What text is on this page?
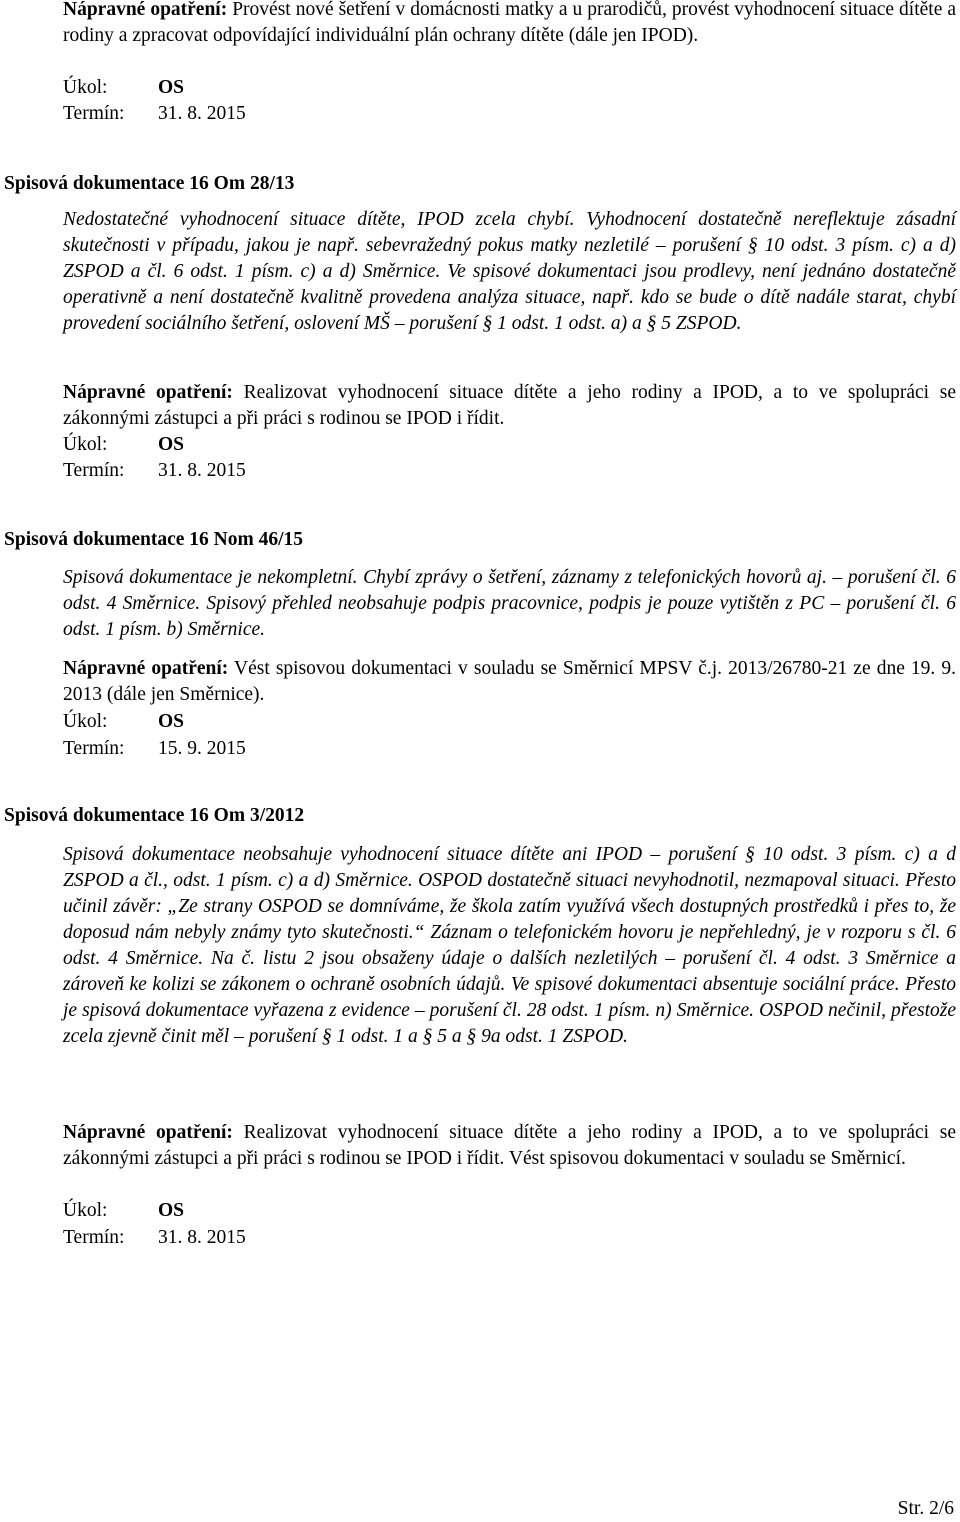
Nápravné opatření: Provést nové šetření v domácnosti matky a u prarodičů, provést vyhodnocení situace dítěte a rodiny a zpracovat odpovídající individuální plán ochrany dítěte (dále jen IPOD).

Úkol:	OS
Termín: 31. 8. 2015
Spisová dokumentace 16 Om 28/13

Nedostatečné vyhodnocení situace dítěte, IPOD zcela chybí. Vyhodnocení dostatečně nereflektuje zásadní skutečnosti v případu, jakou je např. sebevražedný pokus matky nezletilé – porušení § 10 odst. 3 písm. c) a d) ZSPOD a čl. 6 odst. 1 písm. c) a d) Směrnice. Ve spisové dokumentaci jsou prodlevy, není jednáno dostatečně operativně a není dostatečně kvalitně provedena analýza situace, např. kdo se bude o dítě nadále starat, chybí provedení sociálního šetření, oslovení MŠ – porušení § 1 odst. 1 odst. a) a § 5 ZSPOD.

Nápravné opatření: Realizovat vyhodnocení situace dítěte a jeho rodiny a IPOD, a to ve spolupráci se zákonnými zástupci a při práci s rodinou se IPOD i řídit.

Úkol:	OS
Termín: 31. 8. 2015
Spisová dokumentace 16 Nom 46/15

Spisová dokumentace je nekompletní. Chybí zprávy o šetření, záznamy z telefonických hovorů aj. – porušení čl. 6 odst. 4 Směrnice. Spisový přehled neobsahuje podpis pracovnice, podpis je pouze vytištěn z PC – porušení čl. 6 odst. 1 písm. b) Směrnice.

Nápravné opatření: Vést spisovou dokumentaci v souladu se Směrnicí MPSV č.j. 2013/26780-21 ze dne 19. 9. 2013 (dále jen Směrnice).

Úkol:	OS
Termín: 15. 9. 2015
Spisová dokumentace 16 Om 3/2012

Spisová dokumentace neobsahuje vyhodnocení situace dítěte ani IPOD – porušení § 10 odst. 3 písm. c) a d ZSPOD a čl., odst. 1 písm. c) a d) Směrnice. OSPOD dostatečně situaci nevyhodnotil, nezmapoval situaci. Přesto učinil závěr: „Ze strany OSPOD se domníváme, že škola zatím využívá všech dostupných prostředků i přes to, že doposud nám nebyly známy tyto skutečnosti.“ Záznam o telefonickém hovoru je nepřehledný, je v rozporu s čl. 6 odst. 4 Směrnice. Na č. listu 2 jsou obsaženy údaje o dalších nezletilých – porušení čl. 4 odst. 3 Směrnice a zároveň ke kolizi se zákonem o ochraně osobních údajů. Ve spisové dokumentaci absentuje sociální práce. Přesto je spisová dokumentace vyřazena z evidence – porušení čl. 28 odst. 1 písm. n) Směrnice. OSPOD nečinil, přestože zcela zjevně činit měl – porušení § 1 odst. 1 a § 5 a § 9a odst. 1 ZSPOD.

Nápravné opatření: Realizovat vyhodnocení situace dítěte a jeho rodiny a IPOD, a to ve spolupráci se zákonnými zástupci a při práci s rodinou se IPOD i řídit. Vést spisovou dokumentaci v souladu se Směrnicí.

Úkol:	OS
Termín: 31. 8. 2015
Str. 2/6
